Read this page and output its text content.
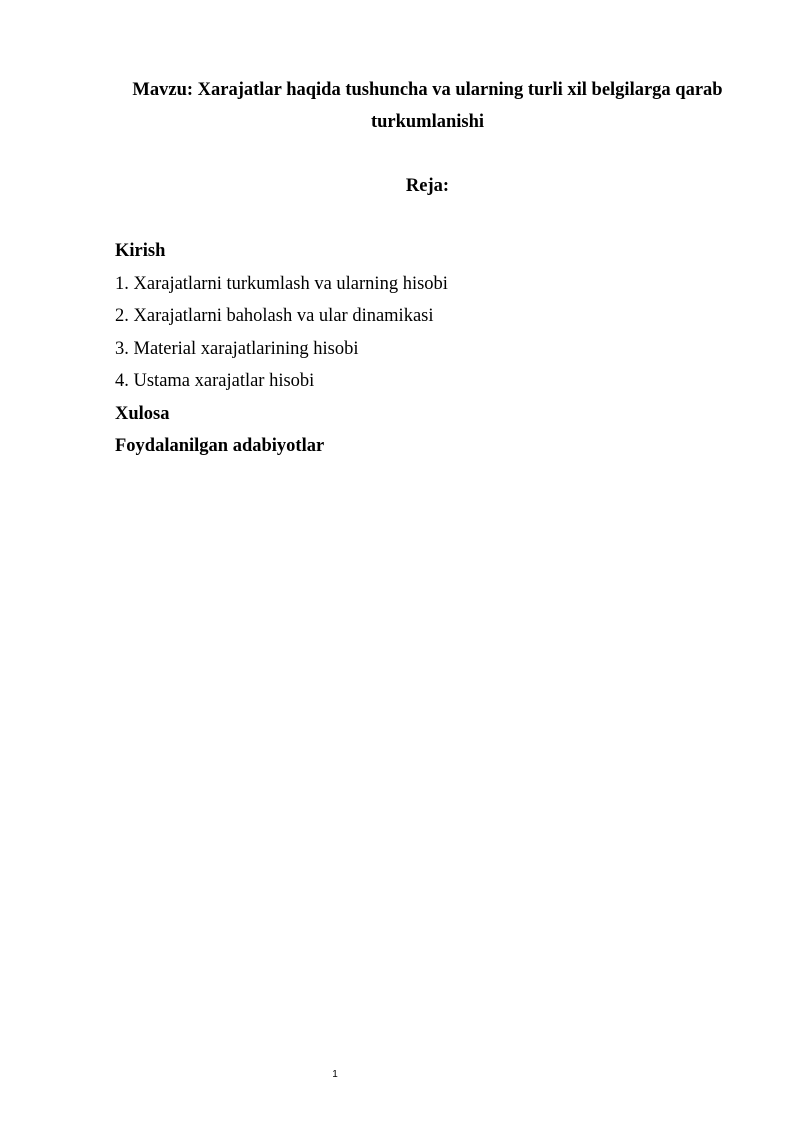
Mavzu: Xarajatlar haqida tushuncha va ularning turli xil belgilarga qarab turkumlanishi
Reja:
Kirish
1. Xarajatlarni turkumlash va ularning hisobi
2. Xarajatlarni baholash va ular dinamikasi
3. Material xarajatlarining hisobi
4. Ustama xarajatlar hisobi
Xulosa
Foydalanilgan adabiyotlar
1
